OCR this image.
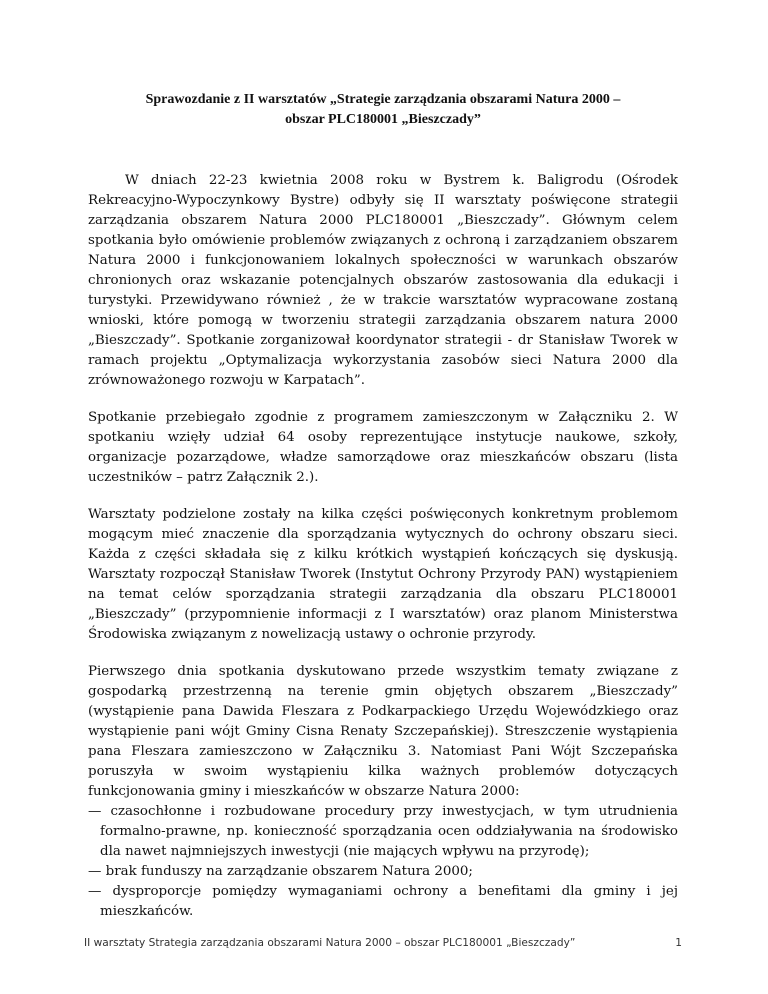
Sprawozdanie z II warsztatów „Strategie zarządzania obszarami Natura 2000 –
obszar PLC180001 „Bieszczady”

W dniach 22-23 kwietnia 2008 roku w Bystrem k. Baligrodu (Ośrodek Rekreacyjno-Wypoczynkowy Bystre) odbyły się II warsztaty poświęcone strategii zarządzania obszarem Natura 2000 PLC180001 „Bieszczady”. Głównym celem spotkania było omówienie problemów związanych z ochroną i zarządzaniem obszarem Natura 2000 i funkcjonowaniem lokalnych społeczności w warunkach obszarów chronionych oraz wskazanie potencjalnych obszarów zastosowania dla edukacji i turystyki. Przewidywano również , że w trakcie warsztatów wypracowane zostaną wnioski, które pomogą w tworzeniu strategii zarządzania obszarem natura 2000 „Bieszczady”. Spotkanie zorganizował koordynator strategii - dr Stanisław Tworek w ramach projektu „Optymalizacja wykorzystania zasobów sieci Natura 2000 dla zrównoważonego rozwoju w Karpatach”.

Spotkanie przebiegało zgodnie z programem zamieszczonym w Załączniku 2. W spotkaniu wzięły udział 64 osoby reprezentujące instytucje naukowe, szkoły, organizacje pozarządowe, władze samorządowe oraz mieszkańców obszaru (lista uczestników – patrz Załącznik 2.).

Warsztaty podzielone zostały na kilka części poświęconych konkretnym problemom mogącym mieć znaczenie dla sporządzania wytycznych do ochrony obszaru sieci. Każda z części składała się z kilku krótkich wystąpień kończących się dyskusją. Warsztaty rozpoczął Stanisław Tworek (Instytut Ochrony Przyrody PAN) wystąpieniem na temat celów sporządzania strategii zarządzania dla obszaru PLC180001 „Bieszczady” (przypomnienie informacji z I warsztatów) oraz planom Ministerstwa Środowiska związanym z nowelizacją ustawy o ochronie przyrody.

Pierwszego dnia spotkania dyskutowano przede wszystkim tematy związane z gospodarką przestrzenną na terenie gmin objętych obszarem „Bieszczady” (wystąpienie pana Dawida Fleszara z Podkarpackiego Urzędu Wojewódzkiego oraz wystąpienie pani wójt Gminy Cisna Renaty Szczepańskiej). Streszczenie wystąpienia pana Fleszara zamieszczono w Załączniku 3. Natomiast Pani Wójt Szczepańska poruszyła w swoim wystąpieniu kilka ważnych problemów dotyczących funkcjonowania gminy i mieszkańców w obszarze Natura 2000:

— czasochłonne i rozbudowane procedury przy inwestycjach, w tym utrudnienia formalno-prawne, np. konieczność sporządzania ocen oddziaływania na środowisko dla nawet najmniejszych inwestycji (nie mających wpływu na przyrodę);
— brak funduszy na zarządzanie obszarem Natura 2000;
— dysproporcje pomiędzy wymaganiami ochrony a benefitami dla gminy i jej mieszkańców.
II warsztaty Strategia zarządzania obszarami Natura 2000 – obszar PLC180001 „Bieszczady”	1
